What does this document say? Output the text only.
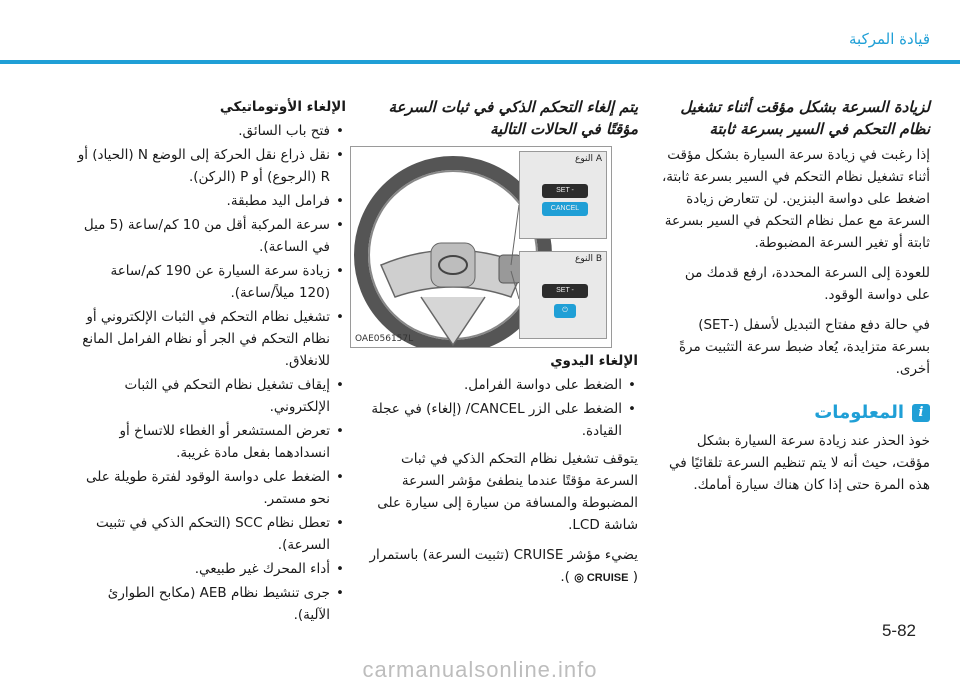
قيادة المركبة
لزيادة السرعة بشكل مؤقت أثناء تشغيل نظام التحكم في السير بسرعة ثابتة

إذا رغبت في زيادة سرعة السيارة بشكل مؤقت أثناء تشغيل نظام التحكم في السير بسرعة ثابتة، اضغط على دواسة البنزين. لن تتعارض زيادة السرعة مع عمل نظام التحكم في السير بسرعة ثابتة أو تغير السرعة المضبوطة.

للعودة إلى السرعة المحددة، ارفع قدمك من على دواسة الوقود.

في حالة دفع مفتاح التبديل لأسفل (-SET) بسرعة متزايدة، يُعاد ضبط سرعة التثبيت مرةً أخرى.

i
المعلومات

خوذ الحذر عند زيادة سرعة السيارة بشكل مؤقت، حيث أنه لا يتم تنظيم السرعة تلقائيًا في هذه المرة حتى إذا كان هناك سيارة أمامك.

يتم إلغاء التحكم الذكي في ثبات السرعة مؤقتًا في الحالات التالية
الإلغاء اليدوي
• الضغط على دواسة الفرامل.
• الضغط على الزر CANCEL/ (إلغاء) في عجلة القيادة.

يتوقف تشغيل نظام التحكم الذكي في ثبات السرعة مؤقتًا عندما ينطفئ مؤشر السرعة المضبوطة والمسافة من سيارة إلى سيارة على شاشة LCD.

يضيء مؤشر CRUISE (تثبيت السرعة) باستمرار ( ◎ CRUISE ).

النوع A
SET -
CANCEL
النوع B
SET -
⏻
OAE056157L
الإلغاء الأوتوماتيكي
• فتح باب السائق.
• نقل ذراع نقل الحركة إلى الوضع N (الحياد) أو R (الرجوع) أو P (الركن).
• فرامل اليد مطبقة.
• سرعة المركبة أقل من 10 كم/ساعة (5 ميل في الساعة).
• زيادة سرعة السيارة عن 190 كم/ساعة (120 ميلاً/ساعة).
• تشغيل نظام التحكم في الثبات الإلكتروني أو نظام التحكم في الجر أو نظام الفرامل المانع للانغلاق.
• إيقاف تشغيل نظام التحكم في الثبات الإلكتروني.
• تعرض المستشعر أو الغطاء للاتساخ أو انسدادهما بفعل مادة غريبة.
• الضغط على دواسة الوقود لفترة طويلة على نحو مستمر.
• تعطل نظام SCC (التحكم الذكي في تثبيت السرعة).
• أداء المحرك غير طبيعي.
• جرى تنشيط نظام AEB (مكابح الطوارئ الآلية).
5-82
carmanualsonline.info
